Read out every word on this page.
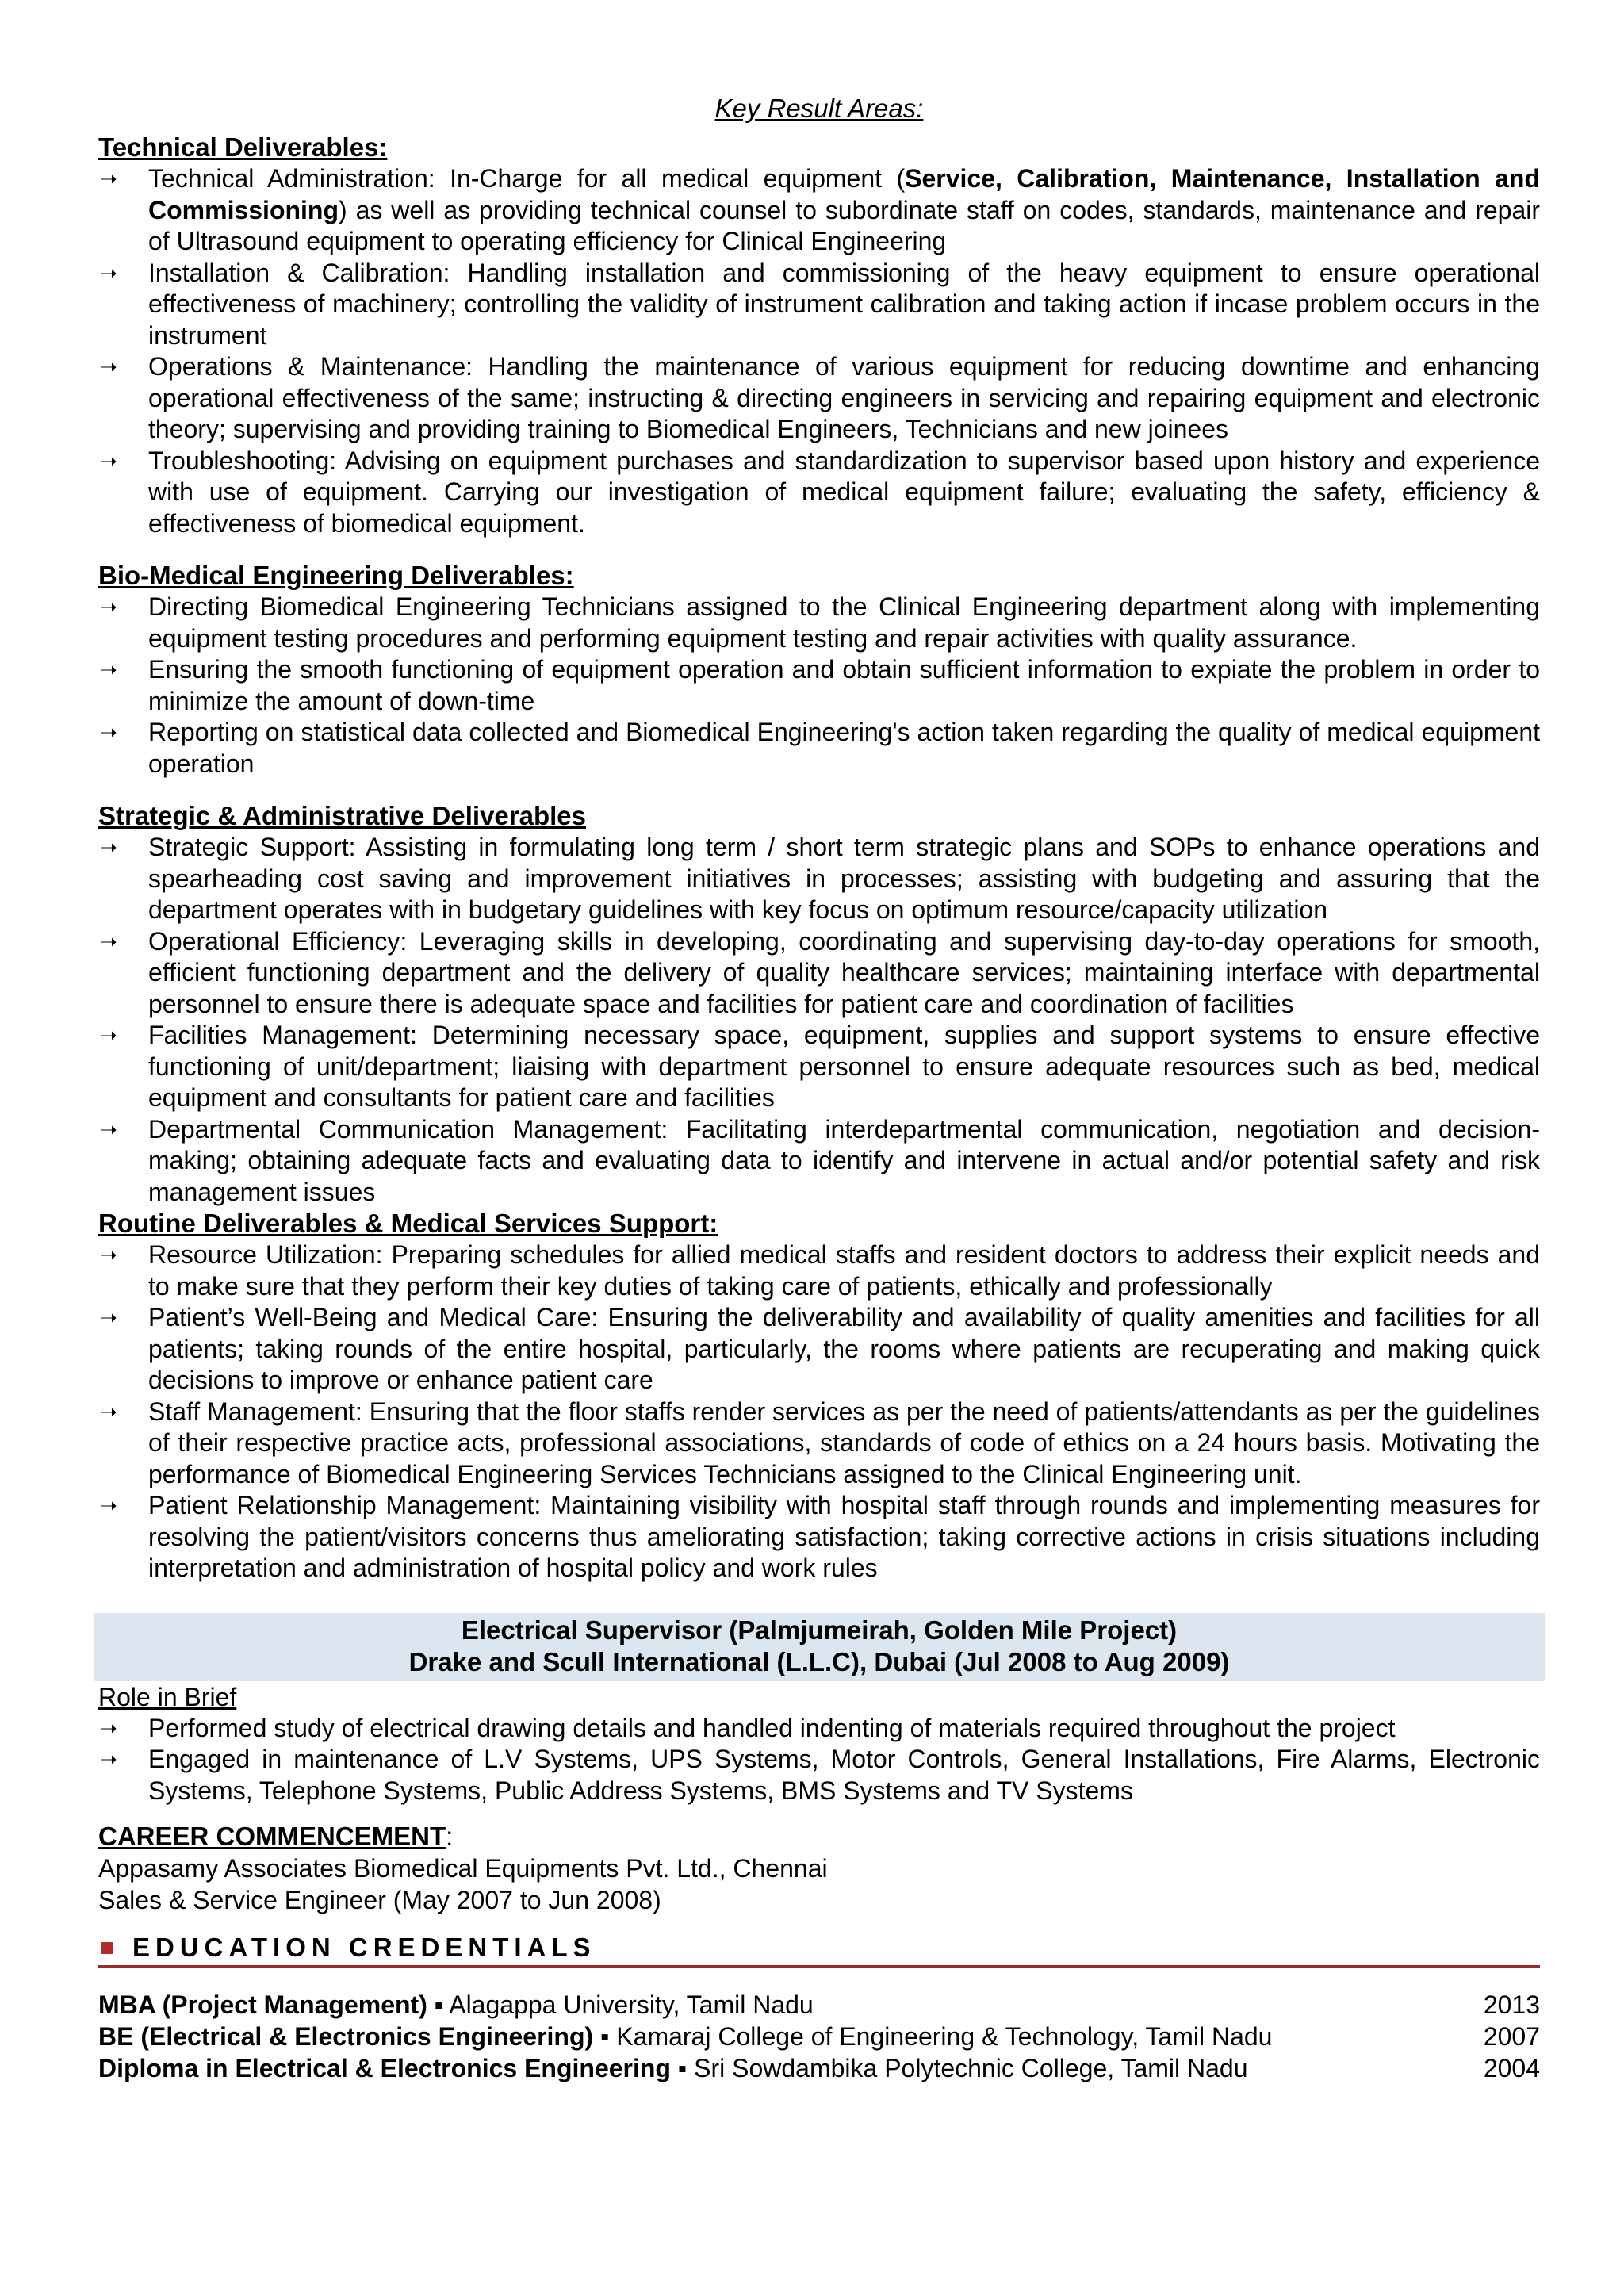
Key Result Areas:
Technical Deliverables:
➝ Technical Administration: In-Charge for all medical equipment (Service, Calibration, Maintenance, Installation and Commissioning) as well as providing technical counsel to subordinate staff on codes, standards, maintenance and repair of Ultrasound equipment to operating efficiency for Clinical Engineering
➝ Installation & Calibration: Handling installation and commissioning of the heavy equipment to ensure operational effectiveness of machinery; controlling the validity of instrument calibration and taking action if incase problem occurs in the instrument
➝ Operations & Maintenance: Handling the maintenance of various equipment for reducing downtime and enhancing operational effectiveness of the same; instructing & directing engineers in servicing and repairing equipment and electronic theory; supervising and providing training to Biomedical Engineers, Technicians and new joinees
➝ Troubleshooting: Advising on equipment purchases and standardization to supervisor based upon history and experience with use of equipment. Carrying our investigation of medical equipment failure; evaluating the safety, efficiency & effectiveness of biomedical equipment.
Bio-Medical Engineering Deliverables:
➝ Directing Biomedical Engineering Technicians assigned to the Clinical Engineering department along with implementing equipment testing procedures and performing equipment testing and repair activities with quality assurance.
➝ Ensuring the smooth functioning of equipment operation and obtain sufficient information to expiate the problem in order to minimize the amount of down-time
➝ Reporting on statistical data collected and Biomedical Engineering's action taken regarding the quality of medical equipment operation
Strategic & Administrative Deliverables
➝ Strategic Support: Assisting in formulating long term / short term strategic plans and SOPs to enhance operations and spearheading cost saving and improvement initiatives in processes; assisting with budgeting and assuring that the department operates with in budgetary guidelines with key focus on optimum resource/capacity utilization
➝ Operational Efficiency: Leveraging skills in developing, coordinating and supervising day-to-day operations for smooth, efficient functioning department and the delivery of quality healthcare services; maintaining interface with departmental personnel to ensure there is adequate space and facilities for patient care and coordination of facilities
➝ Facilities Management: Determining necessary space, equipment, supplies and support systems to ensure effective functioning of unit/department; liaising with department personnel to ensure adequate resources such as bed, medical equipment and consultants for patient care and facilities
➝ Departmental Communication Management: Facilitating interdepartmental communication, negotiation and decision-making; obtaining adequate facts and evaluating data to identify and intervene in actual and/or potential safety and risk management issues
Routine Deliverables & Medical Services Support:
➝ Resource Utilization: Preparing schedules for allied medical staffs and resident doctors to address their explicit needs and to make sure that they perform their key duties of taking care of patients, ethically and professionally
➝ Patient’s Well-Being and Medical Care: Ensuring the deliverability and availability of quality amenities and facilities for all patients; taking rounds of the entire hospital, particularly, the rooms where patients are recuperating and making quick decisions to improve or enhance patient care
➝ Staff Management: Ensuring that the floor staffs render services as per the need of patients/attendants as per the guidelines of their respective practice acts, professional associations, standards of code of ethics on a 24 hours basis. Motivating the performance of Biomedical Engineering Services Technicians assigned to the Clinical Engineering unit.
➝ Patient Relationship Management: Maintaining visibility with hospital staff through rounds and implementing measures for resolving the patient/visitors concerns thus ameliorating satisfaction; taking corrective actions in crisis situations including interpretation and administration of hospital policy and work rules
Electrical Supervisor (Palmjumeirah, Golden Mile Project)
Drake and Scull International (L.L.C), Dubai (Jul 2008 to Aug 2009)
Role in Brief
➝ Performed study of electrical drawing details and handled indenting of materials required throughout the project
➝ Engaged in maintenance of L.V Systems, UPS Systems, Motor Controls, General Installations, Fire Alarms, Electronic Systems, Telephone Systems, Public Address Systems, BMS Systems and TV Systems
CAREER COMMENCEMENT:
Appasamy Associates Biomedical Equipments Pvt. Ltd., Chennai
Sales & Service Engineer (May 2007 to Jun 2008)
EDUCATION CREDENTIALS
MBA (Project Management) ▪ Alagappa University, Tamil Nadu	2013
BE (Electrical & Electronics Engineering) ▪ Kamaraj College of Engineering & Technology, Tamil Nadu	2007
Diploma in Electrical & Electronics Engineering ▪ Sri Sowdambika Polytechnic College, Tamil Nadu	2004
